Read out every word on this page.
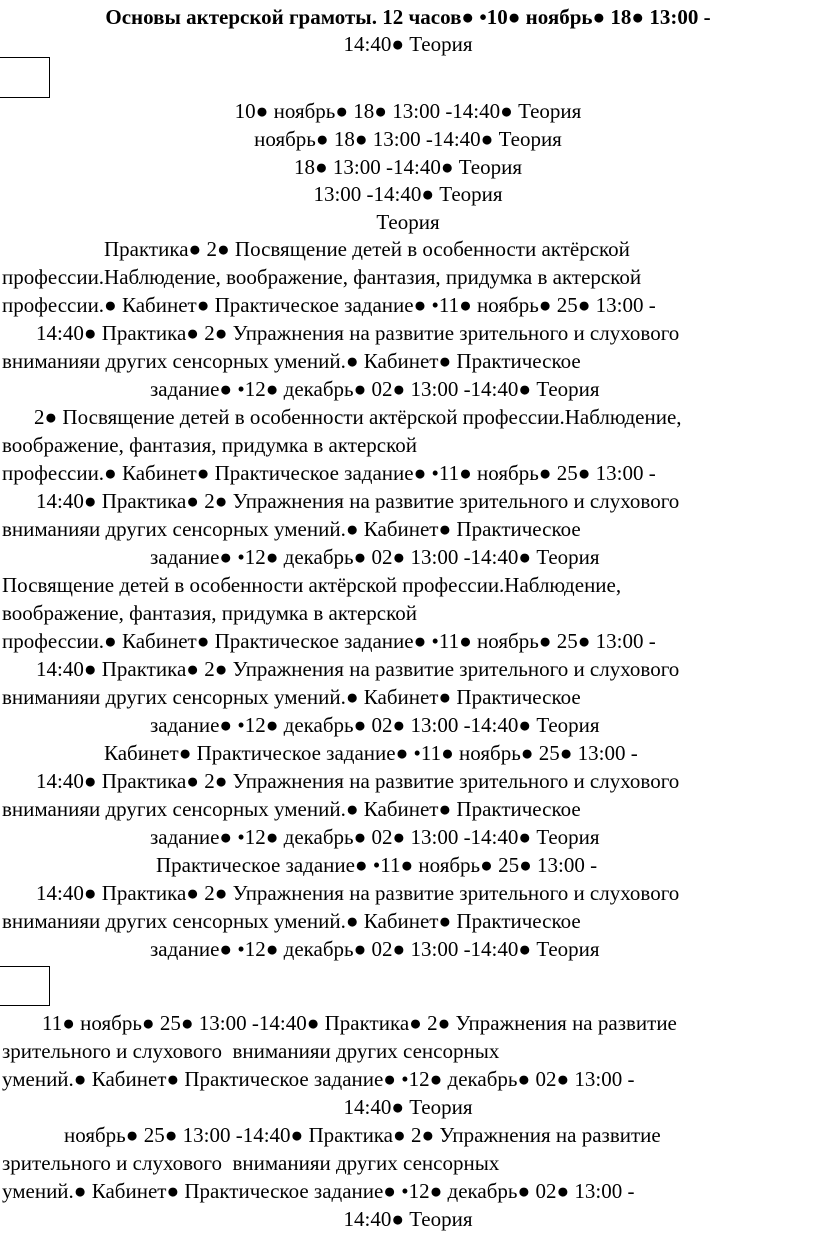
Основы актерской грамоты. 12 часов● •10● ноябрь● 18● 13:00 -
14:40● Теория
10● ноябрь● 18● 13:00 -14:40● Теория
ноябрь● 18● 13:00 -14:40● Теория
18● 13:00 -14:40● Теория
13:00 -14:40● Теория
Теория
Практика● 2● Посвящение детей в особенности актёрской
профессии.Наблюдение, воображение, фантазия, придумка в актерской
профессии.● Кабинет● Практическое задание● •11● ноябрь● 25● 13:00 -
14:40● Практика● 2● Упражнения на развитие зрительного и слухового
вниманияи других сенсорных умений.● Кабинет● Практическое
задание● •12● декабрь● 02● 13:00 -14:40● Теория
2● Посвящение детей в особенности актёрской профессии.Наблюдение,
воображение, фантазия, придумка в актерской
профессии.● Кабинет● Практическое задание● •11● ноябрь● 25● 13:00 -
14:40● Практика● 2● Упражнения на развитие зрительного и слухового
вниманияи других сенсорных умений.● Кабинет● Практическое
задание● •12● декабрь● 02● 13:00 -14:40● Теория
Посвящение детей в особенности актёрской профессии.Наблюдение,
воображение, фантазия, придумка в актерской
профессии.● Кабинет● Практическое задание● •11● ноябрь● 25● 13:00 -
14:40● Практика● 2● Упражнения на развитие зрительного и слухового
вниманияи других сенсорных умений.● Кабинет● Практическое
задание● •12● декабрь● 02● 13:00 -14:40● Теория
Кабинет● Практическое задание● •11● ноябрь● 25● 13:00 -
14:40● Практика● 2● Упражнения на развитие зрительного и слухового
вниманияи других сенсорных умений.● Кабинет● Практическое
задание● •12● декабрь● 02● 13:00 -14:40● Теория
Практическое задание● •11● ноябрь● 25● 13:00 -
14:40● Практика● 2● Упражнения на развитие зрительного и слухового
вниманияи других сенсорных умений.● Кабинет● Практическое
задание● •12● декабрь● 02● 13:00 -14:40● Теория
11● ноябрь● 25● 13:00 -14:40● Практика● 2● Упражнения на развитие
зрительного и слухового  вниманияи других сенсорных
умений.● Кабинет● Практическое задание● •12● декабрь● 02● 13:00 -
14:40● Теория
ноябрь● 25● 13:00 -14:40● Практика● 2● Упражнения на развитие
зрительного и слухового  вниманияи других сенсорных
умений.● Кабинет● Практическое задание● •12● декабрь● 02● 13:00 -
14:40● Теория
